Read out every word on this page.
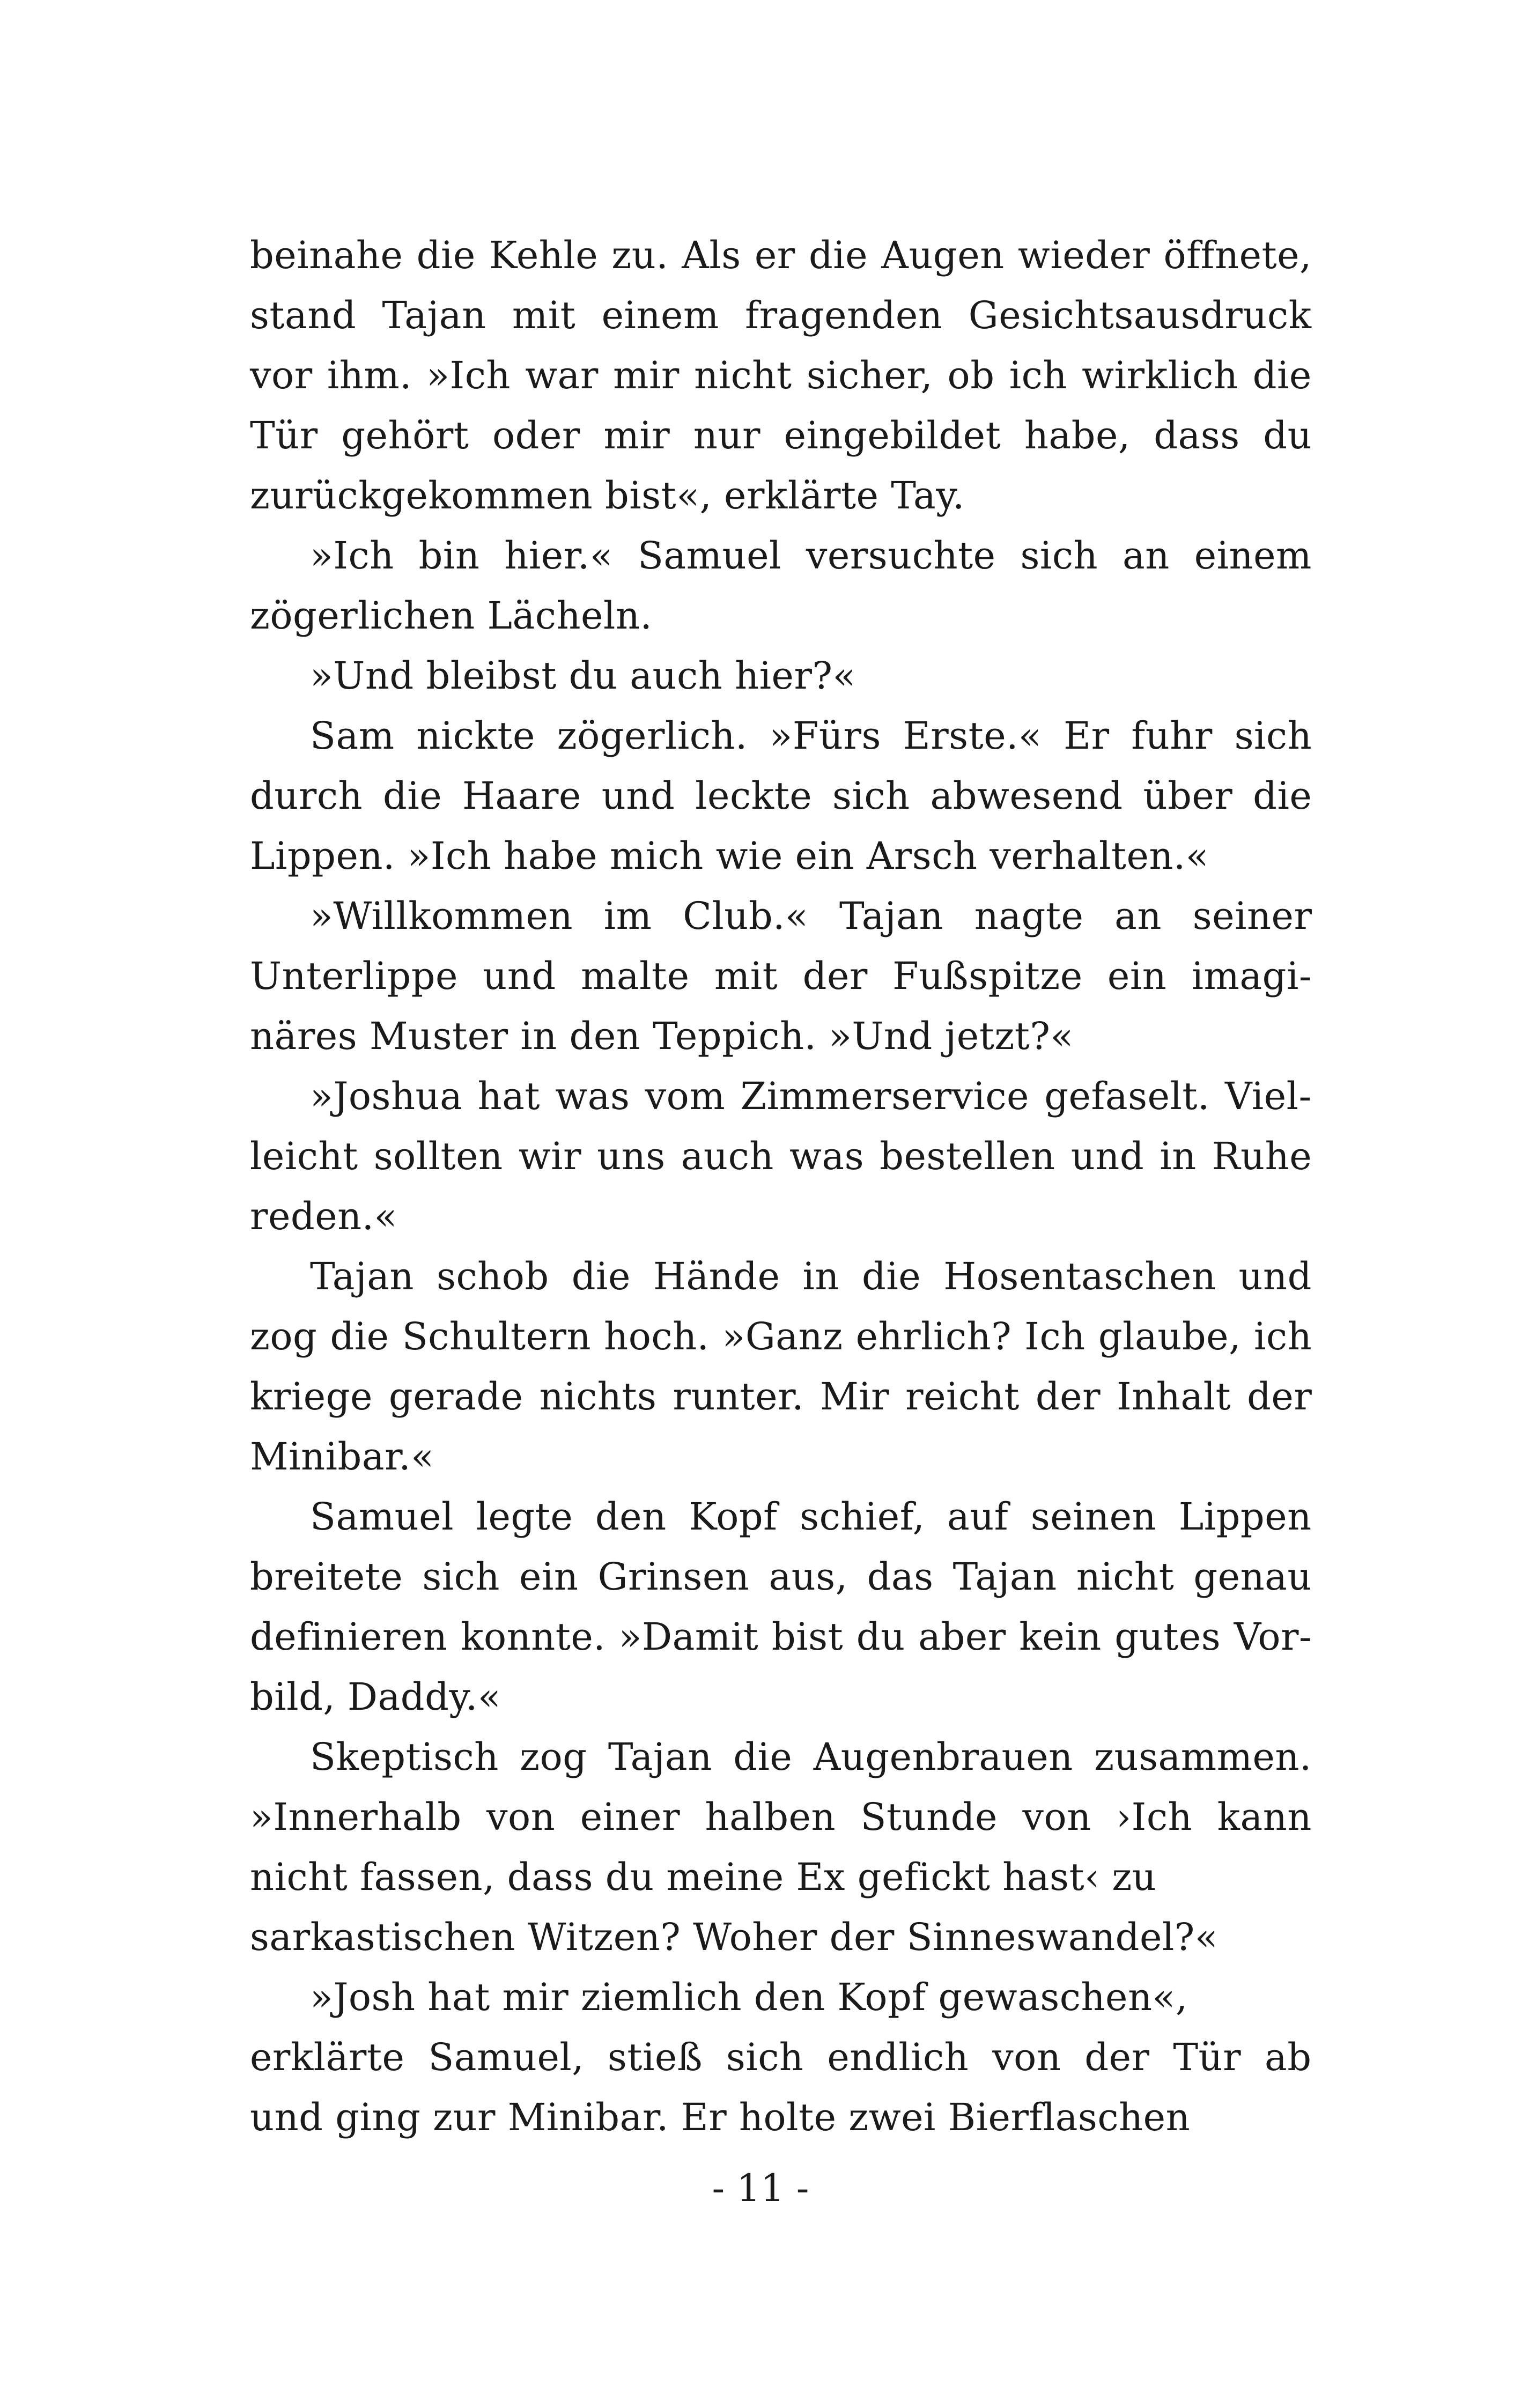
beinahe die Kehle zu. Als er die Augen wieder öffnete,
stand Tajan mit einem fragenden Gesichtsausdruck
vor ihm. »Ich war mir nicht sicher, ob ich wirklich die
Tür gehört oder mir nur eingebildet habe, dass du
zurückgekommen bist«, erklärte Tay.
»Ich bin hier.« Samuel versuchte sich an einem
zögerlichen Lächeln.
»Und bleibst du auch hier?«
Sam nickte zögerlich. »Fürs Erste.« Er fuhr sich
durch die Haare und leckte sich abwesend über die
Lippen. »Ich habe mich wie ein Arsch verhalten.«
»Willkommen im Club.« Tajan nagte an seiner
Unterlippe und malte mit der Fußspitze ein imagi-
näres Muster in den Teppich. »Und jetzt?«
»Joshua hat was vom Zimmerservice gefaselt. Viel-
leicht sollten wir uns auch was bestellen und in Ruhe
reden.«
Tajan schob die Hände in die Hosentaschen und
zog die Schultern hoch. »Ganz ehrlich? Ich glaube, ich
kriege gerade nichts runter. Mir reicht der Inhalt der
Minibar.«
Samuel legte den Kopf schief, auf seinen Lippen
breitete sich ein Grinsen aus, das Tajan nicht genau
definieren konnte. »Damit bist du aber kein gutes Vor-
bild, Daddy.«
Skeptisch zog Tajan die Augenbrauen zusammen.
»Innerhalb von einer halben Stunde von ›Ich kann
nicht fassen, dass du meine Ex gefickt hast‹ zu
sarkastischen Witzen? Woher der Sinneswandel?«
»Josh hat mir ziemlich den Kopf gewaschen«,
erklärte Samuel, stieß sich endlich von der Tür ab
und ging zur Minibar. Er holte zwei Bierflaschen
- 11 -
